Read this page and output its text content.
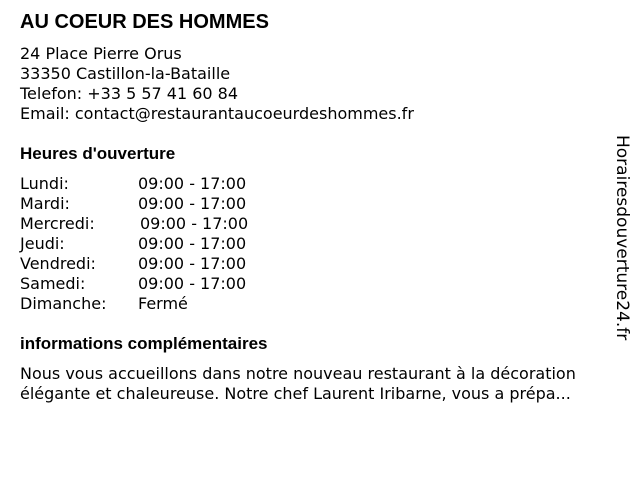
AU COEUR DES HOMMES
24 Place Pierre Orus
33350 Castillon-la-Bataille
Telefon: +33 5 57 41 60 84
Email: contact@restaurantaucoeurdeshommes.fr
Heures d'ouverture
Lundi:	09:00 - 17:00
Mardi:	09:00 - 17:00
Mercredi:	09:00 - 17:00
Jeudi:	09:00 - 17:00
Vendredi:	09:00 - 17:00
Samedi:	09:00 - 17:00
Dimanche: Fermé
informations complémentaires
Nous vous accueillons dans notre nouveau restaurant à la décoration
élégante et chaleureuse. Notre chef Laurent Iribarne, vous a prépa...
Horairesdouverture24.fr
